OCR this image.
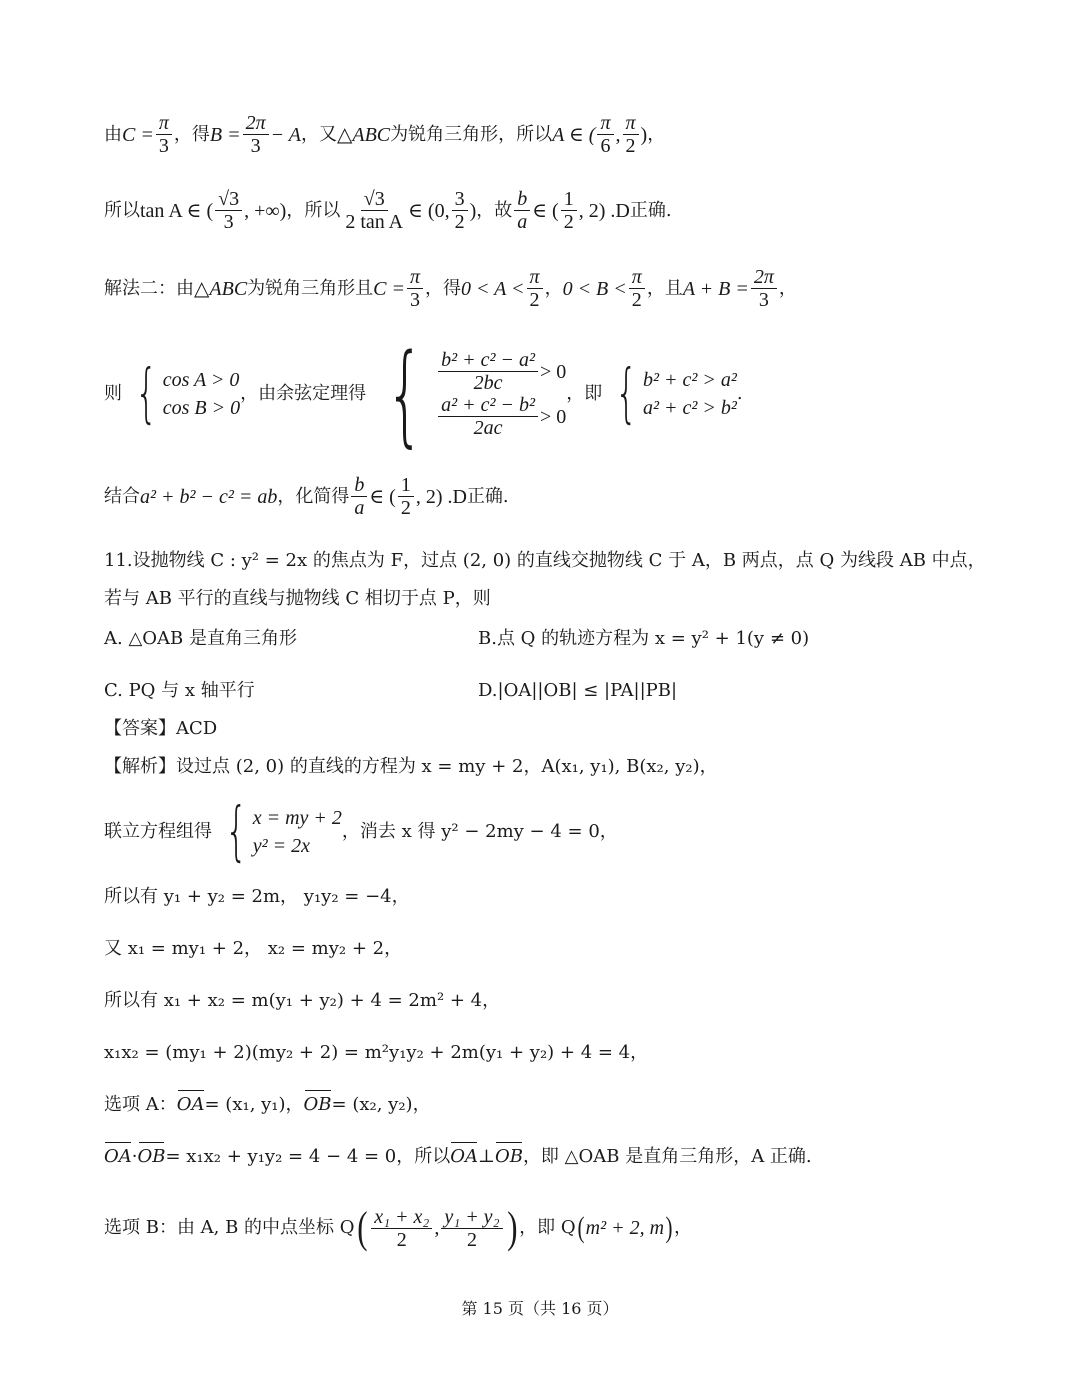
由 $C = \frac{\pi}{3}$ ，得 $B = \frac{2\pi}{3} - A$ ，又 △ABC 为锐角三角形，所以 A ∈ ( $\frac{\pi}{6}$ , $\frac{\pi}{2}$ ) ，
所以 tan A ∈ ( $\frac{√3}{3}$ , +∞) ，所以 $\frac{√3}{\text{2 tan A}}$ ∈ (0, $\frac{3}{2}$ ) ，故 $\frac{b}{a}$ ∈ ( $\frac{1}{2}$ , 2) .D 正确.
解法二：由 △ABC 为锐角三角形且 $C = \frac{\pi}{3}$ ，得 $0 < A < \frac{\pi}{2}$ ， $0 < B < \frac{\pi}{2}$ ，且 $A + B = \frac{2\pi}{3}$ ，
则 { cos A > 0
cos B > 0
，由余弦定理得 { $\frac{\text{b² + c² − a²}}{2bc} > 0$
$\frac{\text{a² + c² − b²}}{2ac} > 0$
，即 { b² + c² > a²
a² + c² > b²
.
结合 a² + b² − c² = ab ，化简得 $\frac{b}{a}$ ∈ ( $\frac{1}{2}$ , 2) .D 正确.
11.设抛物线 C : y² = 2x 的焦点为 F，过点 (2, 0) 的直线交抛物线 C 于 A，B 两点，点 Q 为线段 AB 中点，
若与 AB 平行的直线与抛物线 C 相切于点 P，则
A. △OAB 是直角三角形	B.点 Q 的轨迹方程为 x = y² + 1(y ≠ 0)
C. PQ 与 x 轴平行	D.|OA||OB| ≤ |PA||PB|
【答案】ACD
【解析】设过点 (2, 0) 的直线的方程为 x = my + 2，A(x₁, y₁), B(x₂, y₂)，
联立方程组得 { x = my + 2
y² = 2x
，消去 x 得 y² − 2my − 4 = 0，
所以有 y₁ + y₂ = 2m， y₁y₂ = −4，
又 x₁ = my₁ + 2， x₂ = my₂ + 2，
所以有 x₁ + x₂ = m(y₁ + y₂) + 4 = 2m² + 4，
x₁x₂ = (my₁ + 2)(my₂ + 2) = m²y₁y₂ + 2m(y₁ + y₂) + 4 = 4，
选项 A： OA = (x₁, y₁)， OB = (x₂, y₂)，
OA · OB = x₁x₂ + y₁y₂ = 4 − 4 = 0，所以 OA ⊥ OB ，即 △OAB 是直角三角形，A 正确.
选项 B：由 A, B 的中点坐标 Q ( $\frac{\text{x₁ + x₂}}{2}$ , $\frac{\text{y₁ + y₂}}{2}$ ) ，即 Q ( m² + 2, m ) ，
第 15 页（共 16 页）
